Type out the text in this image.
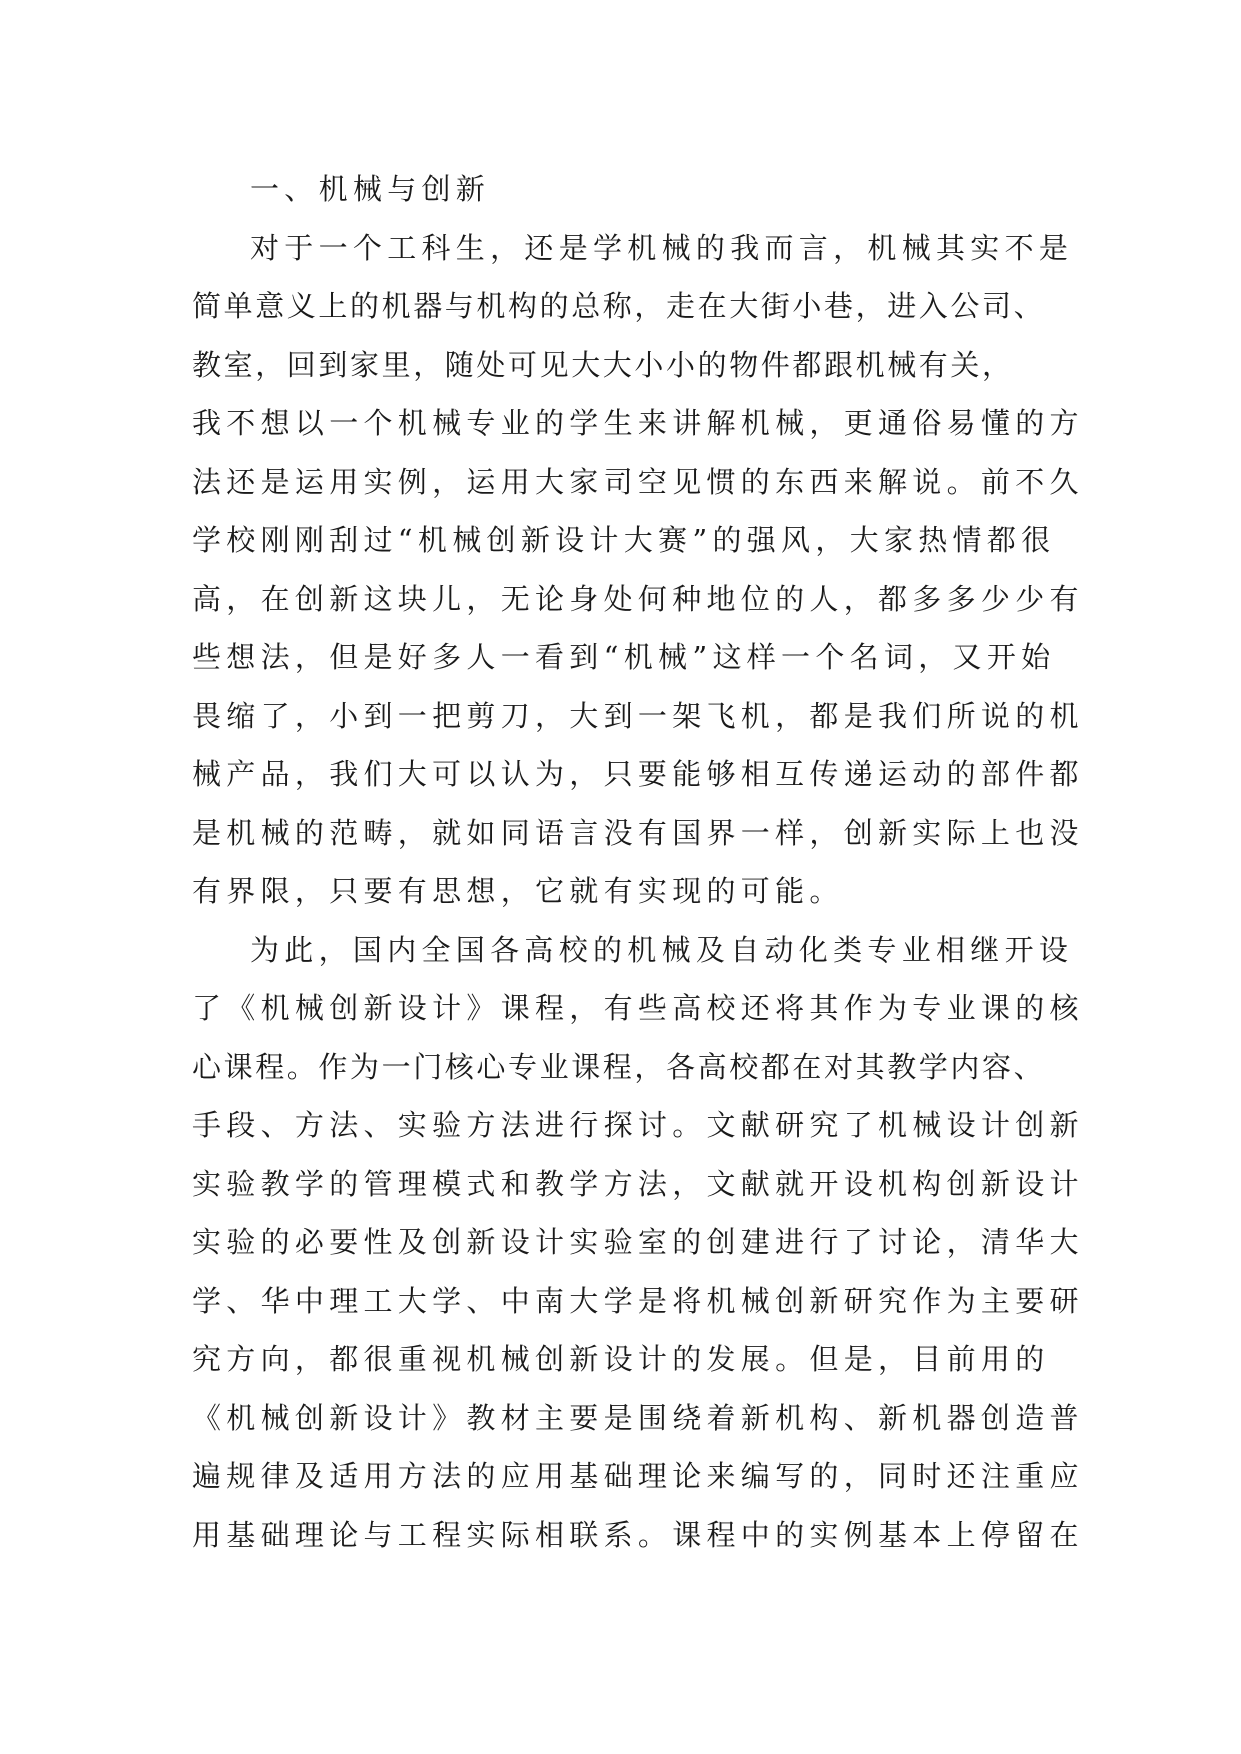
一、机械与创新
对于一个工科生，还是学机械的我而言，机械其实不是
简单意义上的机器与机构的总称，走在大街小巷，进入公司、
教室，回到家里，随处可见大大小小的物件都跟机械有关，
我不想以一个机械专业的学生来讲解机械，更通俗易懂的方
法还是运用实例，运用大家司空见惯的东西来解说。前不久
学校刚刚刮过“机械创新设计大赛”的强风，大家热情都很
高，在创新这块儿，无论身处何种地位的人，都多多少少有
些想法，但是好多人一看到“机械”这样一个名词，又开始
畏缩了，小到一把剪刀，大到一架飞机，都是我们所说的机
械产品，我们大可以认为，只要能够相互传递运动的部件都
是机械的范畴，就如同语言没有国界一样，创新实际上也没
有界限，只要有思想，它就有实现的可能。
为此，国内全国各高校的机械及自动化类专业相继开设
了《机械创新设计》课程，有些高校还将其作为专业课的核
心课程。作为一门核心专业课程，各高校都在对其教学内容、
手段、方法、实验方法进行探讨。文献研究了机械设计创新
实验教学的管理模式和教学方法，文献就开设机构创新设计
实验的必要性及创新设计实验室的创建进行了讨论，清华大
学、华中理工大学、中南大学是将机械创新研究作为主要研
究方向，都很重视机械创新设计的发展。但是，目前用的
《机械创新设计》教材主要是围绕着新机构、新机器创造普
遍规律及适用方法的应用基础理论来编写的，同时还注重应
用基础理论与工程实际相联系。课程中的实例基本上停留在
